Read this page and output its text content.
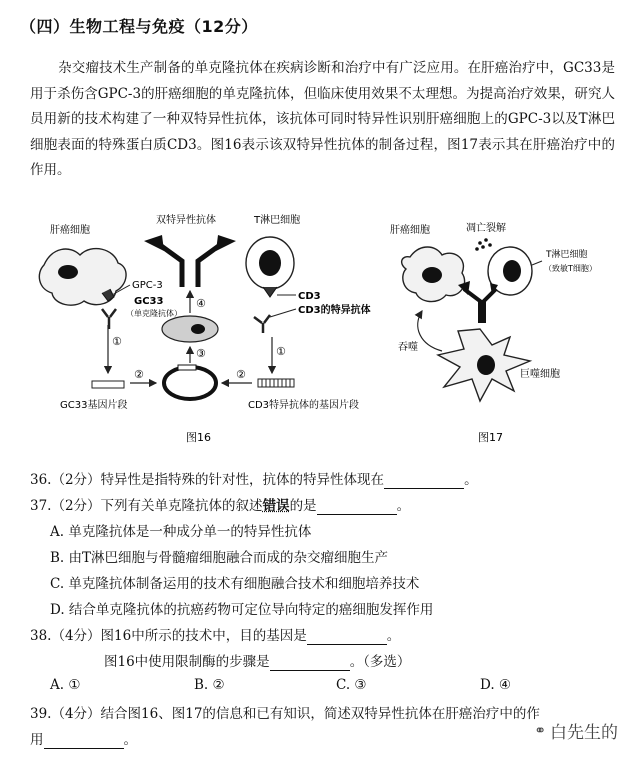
（四）生物工程与免疫（12分）
杂交瘤技术生产制备的单克隆抗体在疾病诊断和治疗中有广泛应用。在肝癌治疗中，GC33是用于杀伤含GPC-3的肝癌细胞的单克隆抗体，但临床使用效果不太理想。为提高治疗效果，研究人员用新的技术构建了一种双特异性抗体，该抗体可同时特异性识别肝癌细胞上的GPC-3以及T淋巴细胞表面的特殊蛋白质CD3。图16表示该双特异性抗体的制备过程，图17表示其在肝癌治疗中的作用。
肝癌细胞
GPC-3
GC33
（单克隆抗体）
①
GC33基因片段
②
③
④
双特异性抗体	T淋巴细胞
CD3
CD3的特异抗体
①
CD3特异抗体的基因片段
②
图16
肝癌细胞	凋亡裂解
T淋巴细胞
（致敏T细胞）
巨噬细胞
吞噬
图17
36.（2分）特异性是指特殊的针对性，抗体的特异性体现在	。
37.（2分）下列有关单克隆抗体的叙述错误的是	。
A. 单克隆抗体是一种成分单一的特异性抗体
B. 由T淋巴细胞与骨髓瘤细胞融合而成的杂交瘤细胞生产
C. 单克隆抗体制备运用的技术有细胞融合技术和细胞培养技术
D. 结合单克隆抗体的抗癌药物可定位导向特定的癌细胞发挥作用
38.（4分）图16中所示的技术中，目的基因是	。
图16中使用限制酶的步骤是	。（多选）
A. ①	B. ②	C. ③	D. ④
39.（4分）结合图16、图17的信息和已有知识，简述双特异性抗体在肝癌治疗中的作
用	。
⚭ 白先生的
